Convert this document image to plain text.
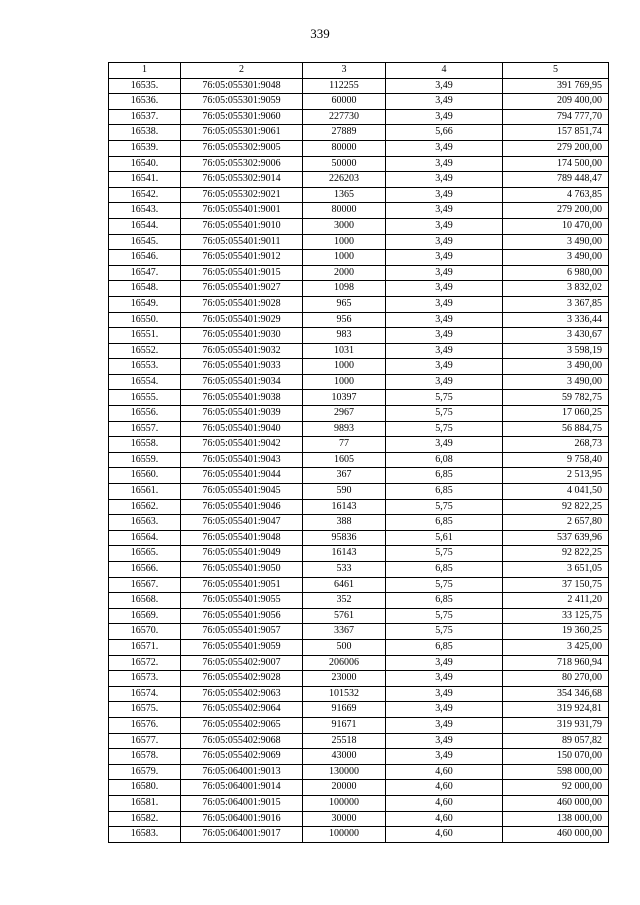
339
1	2	3	4	5
16535.	76:05:055301:9048	112255	3,49	391 769,95
16536.	76:05:055301:9059	60000	3,49	209 400,00
16537.	76:05:055301:9060	227730	3,49	794 777,70
16538.	76:05:055301:9061	27889	5,66	157 851,74
16539.	76:05:055302:9005	80000	3,49	279 200,00
16540.	76:05:055302:9006	50000	3,49	174 500,00
16541.	76:05:055302:9014	226203	3,49	789 448,47
16542.	76:05:055302:9021	1365	3,49	4 763,85
16543.	76:05:055401:9001	80000	3,49	279 200,00
16544.	76:05:055401:9010	3000	3,49	10 470,00
16545.	76:05:055401:9011	1000	3,49	3 490,00
16546.	76:05:055401:9012	1000	3,49	3 490,00
16547.	76:05:055401:9015	2000	3,49	6 980,00
16548.	76:05:055401:9027	1098	3,49	3 832,02
16549.	76:05:055401:9028	965	3,49	3 367,85
16550.	76:05:055401:9029	956	3,49	3 336,44
16551.	76:05:055401:9030	983	3,49	3 430,67
16552.	76:05:055401:9032	1031	3,49	3 598,19
16553.	76:05:055401:9033	1000	3,49	3 490,00
16554.	76:05:055401:9034	1000	3,49	3 490,00
16555.	76:05:055401:9038	10397	5,75	59 782,75
16556.	76:05:055401:9039	2967	5,75	17 060,25
16557.	76:05:055401:9040	9893	5,75	56 884,75
16558.	76:05:055401:9042	77	3,49	268,73
16559.	76:05:055401:9043	1605	6,08	9 758,40
16560.	76:05:055401:9044	367	6,85	2 513,95
16561.	76:05:055401:9045	590	6,85	4 041,50
16562.	76:05:055401:9046	16143	5,75	92 822,25
16563.	76:05:055401:9047	388	6,85	2 657,80
16564.	76:05:055401:9048	95836	5,61	537 639,96
16565.	76:05:055401:9049	16143	5,75	92 822,25
16566.	76:05:055401:9050	533	6,85	3 651,05
16567.	76:05:055401:9051	6461	5,75	37 150,75
16568.	76:05:055401:9055	352	6,85	2 411,20
16569.	76:05:055401:9056	5761	5,75	33 125,75
16570.	76:05:055401:9057	3367	5,75	19 360,25
16571.	76:05:055401:9059	500	6,85	3 425,00
16572.	76:05:055402:9007	206006	3,49	718 960,94
16573.	76:05:055402:9028	23000	3,49	80 270,00
16574.	76:05:055402:9063	101532	3,49	354 346,68
16575.	76:05:055402:9064	91669	3,49	319 924,81
16576.	76:05:055402:9065	91671	3,49	319 931,79
16577.	76:05:055402:9068	25518	3,49	89 057,82
16578.	76:05:055402:9069	43000	3,49	150 070,00
16579.	76:05:064001:9013	130000	4,60	598 000,00
16580.	76:05:064001:9014	20000	4,60	92 000,00
16581.	76:05:064001:9015	100000	4,60	460 000,00
16582.	76:05:064001:9016	30000	4,60	138 000,00
16583.	76:05:064001:9017	100000	4,60	460 000,00
